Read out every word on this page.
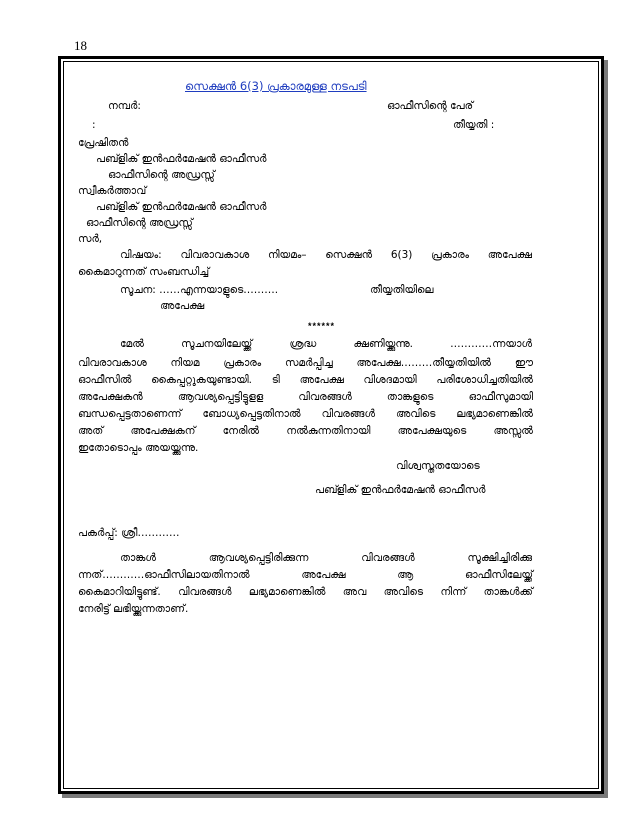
18
സെക്ഷൻ 6(3) പ്രകാരമുള്ള നടപടി
നമ്പർ:	ഓഫീസിന്റെ പേര്
:	തീയ്യതി :
പ്രേഷിതൻ
പബ്ളിക് ഇൻഫർമേഷൻ ഓഫീസർ
ഓഫീസിന്റെ അഡ്രസ്സ്
സ്വീകർത്താവ്
പബ്ളിക് ഇൻഫർമേഷൻ ഓഫീസർ
ഓഫീസിന്റെ അഡ്രസ്സ്
സർ,
വിഷയം: വിവരാവകാശ നിയമം– സെക്ഷൻ 6(3) പ്രകാരം അപേക്ഷ
കൈമാറുന്നത് സംബന്ധിച്ച്
സൂചന: ……എന്നയാളുടെ……….	തീയ്യതിയിലെ
അപേക്ഷ
******
മേൽ സൂചനയിലേയ്ക്ക് ശ്രദ്ധ ക്ഷണിയ്ക്കുന്നു. …………ന്നയാൾ
വിവരാവകാശ നിയമ പ്രകാരം സമർപ്പിച്ച അപേക്ഷ………തീയ്യതിയിൽ ഈ
ഓഫീസിൽ കൈപ്പറ്റുകയുണ്ടായി. ടി അപേക്ഷ വിശദമായി പരിശോധിച്ചതിയിൽ
അപേക്ഷകൻ ആവശ്യപ്പെട്ടിട്ടുളള വിവരങ്ങൾ താങ്കളുടെ ഓഫീസുമായി
ബന്ധപ്പെട്ടതാണെന്ന് ബോധ്യപ്പെട്ടതിനാൽ വിവരങ്ങൾ അവിടെ ലഭ്യമാണെങ്കിൽ
അത് അപേക്ഷകന് നേരിൽ നൽകുന്നതിനായി അപേക്ഷയുടെ അസ്സൽ
ഇതോടൊപ്പം അയയ്ക്കുന്നു.
വിശ്വസ്തതയോടെ
പബ്ളിക് ഇൻഫർമേഷൻ ഓഫീസർ
പകർപ്പ്: ശ്രീ…………
താങ്കൾ ആവശ്യപ്പെട്ടിരിക്കുന്ന വിവരങ്ങൾ സൂക്ഷിച്ചിരിക്കു
ന്നത്…………ഓഫീസിലായതിനാൽ അപേക്ഷ ആ ഓഫീസിലേയ്ക്ക്
കൈമാറിയിട്ടുണ്ട്. വിവരങ്ങൾ ലഭ്യമാണെങ്കിൽ അവ അവിടെ നിന്ന് താങ്കൾക്ക്
നേരിട്ട് ലഭിയ്ക്കുന്നതാണ്.
